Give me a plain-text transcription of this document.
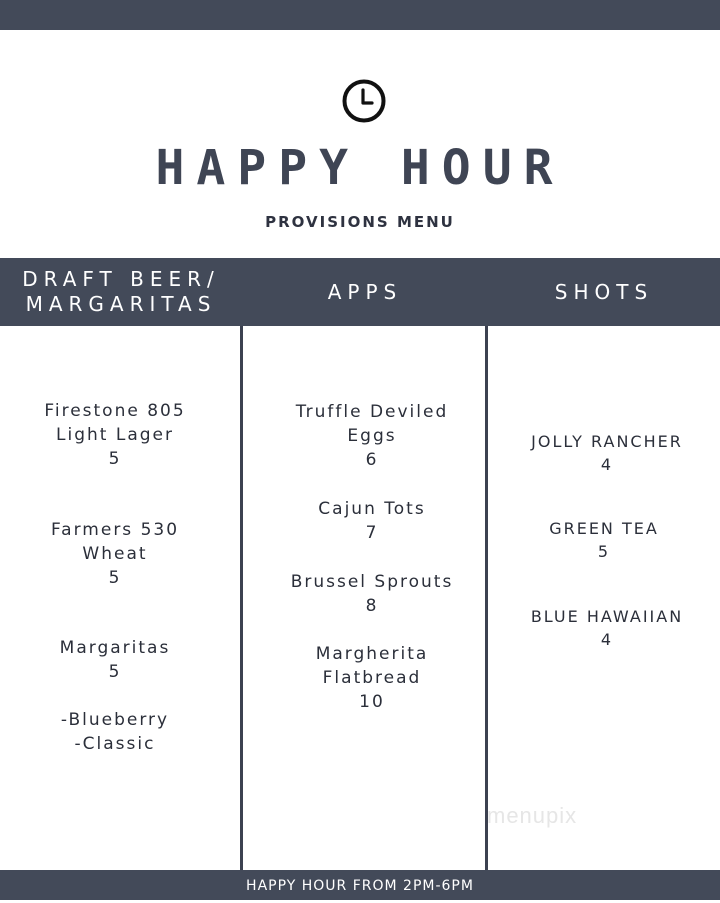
HAPPY HOUR
PROVISIONS MENU
DRAFT BEER/
MARGARITAS
APPS	SHOTS
Firestone 805
Light Lager
5
Farmers 530
Wheat
5
Margaritas
5
-Blueberry
-Classic
Truffle Deviled
Eggs
6
Cajun Tots
7
Brussel Sprouts
8
Margherita
Flatbread
10
JOLLY RANCHER
4
GREEN TEA
5
BLUE HAWAIIAN
4
menupix
HAPPY HOUR FROM 2PM-6PM
